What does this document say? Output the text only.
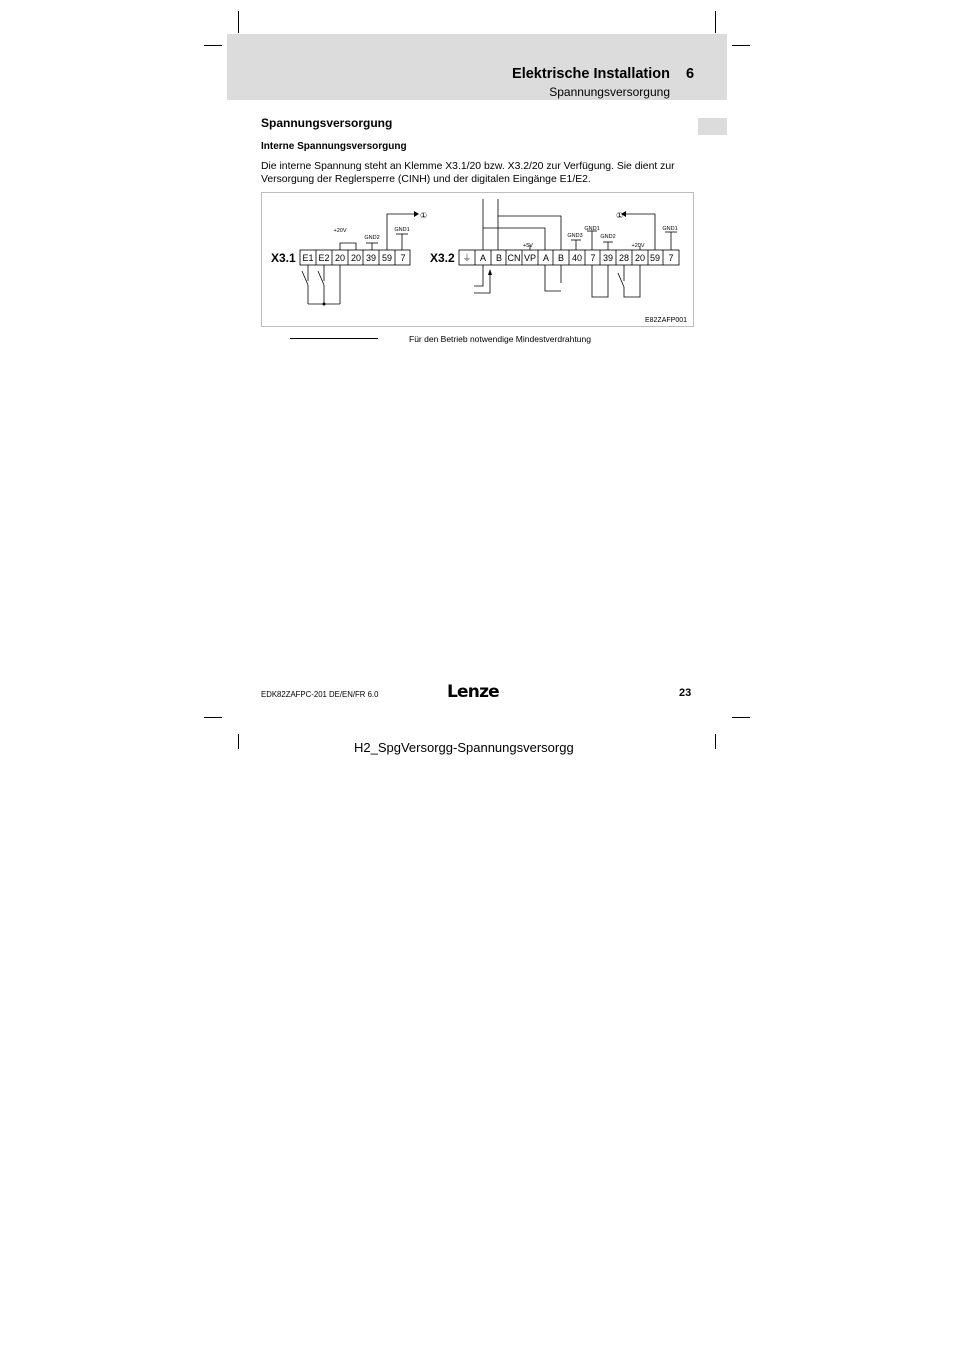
Elektrische Installation 6
Spannungsversorgung
Spannungsversorgung
Interne Spannungsversorgung
Die interne Spannung steht an Klemme X3.1/20 bzw. X3.2/20 zur Verfügung. Sie dient zur Versorgung der Reglersperre (CINH) und der digitalen Eingänge E1/E2.
X3.1 E1 E2 20 20 39 59 7
+20V
GND2
GND1
①
X3.2 ⏚ A B CN VP A B 40 7 39 28 20 59 7
+5V
GND3
GND1
GND2
+20V
GND1
①
E82ZAFP001
Für den Betrieb notwendige Mindestverdrahtung
EDK82ZAFPC-201 DE/EN/FR 6.0	Lenze	23
H2_SpgVersorgg-Spannungsversorgg
